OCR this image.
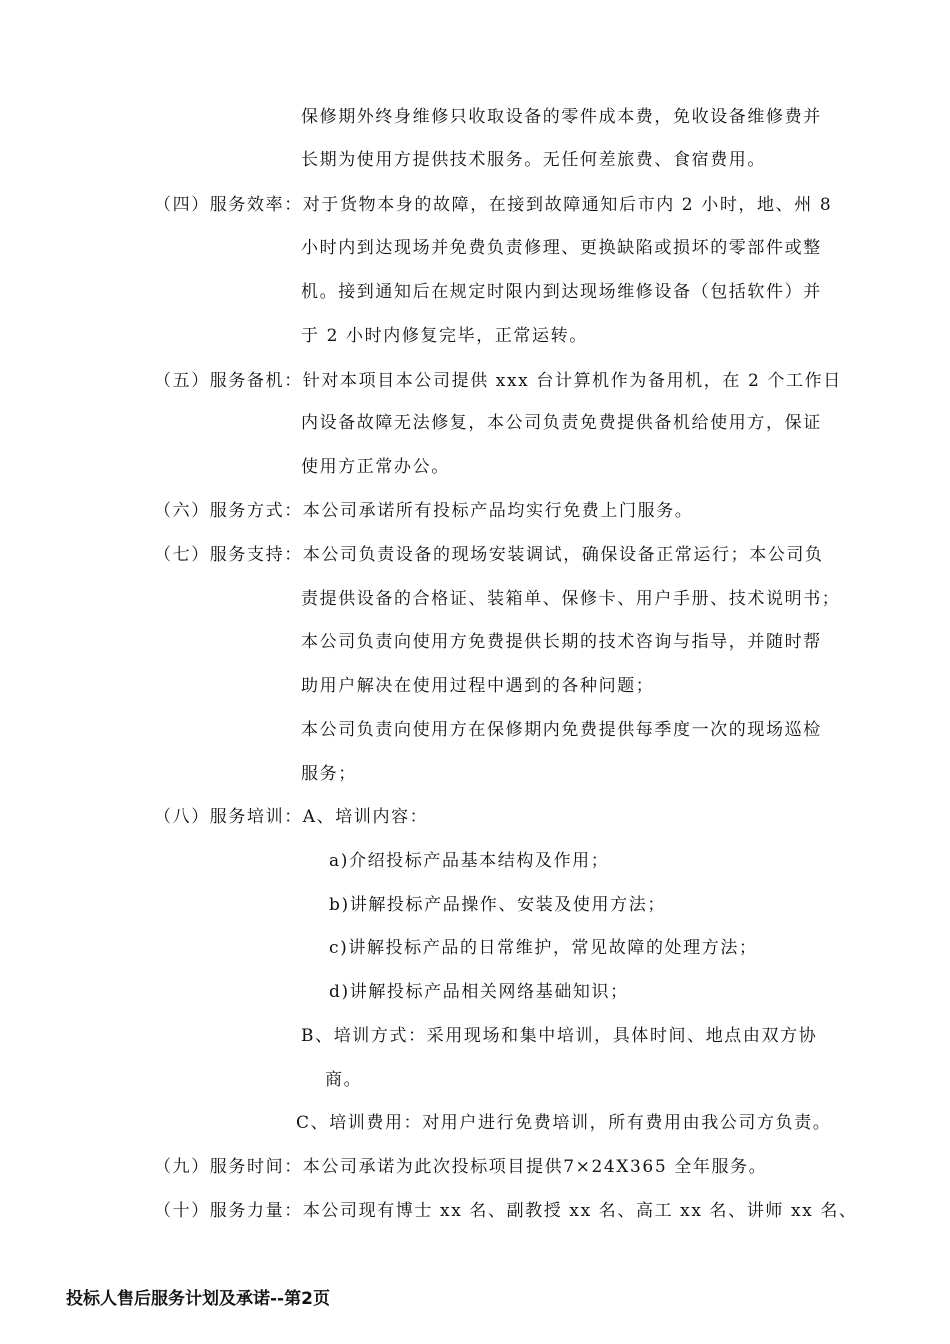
保修期外终身维修只收取设备的零件成本费，免收设备维修费并
长期为使用方提供技术服务。无任何差旅费、食宿费用。
（四）服务效率：对于货物本身的故障，在接到故障通知后市内 2 小时，地、州 8
小时内到达现场并免费负责修理、更换缺陷或损坏的零部件或整
机。接到通知后在规定时限内到达现场维修设备（包括软件）并
于 2 小时内修复完毕，正常运转。
（五）服务备机：针对本项目本公司提供 xxx 台计算机作为备用机，在 2 个工作日
内设备故障无法修复，本公司负责免费提供备机给使用方，保证
使用方正常办公。
（六）服务方式：本公司承诺所有投标产品均实行免费上门服务。
（七）服务支持：本公司负责设备的现场安装调试，确保设备正常运行；本公司负
责提供设备的合格证、装箱单、保修卡、用户手册、技术说明书；
本公司负责向使用方免费提供长期的技术咨询与指导，并随时帮
助用户解决在使用过程中遇到的各种问题；
本公司负责向使用方在保修期内免费提供每季度一次的现场巡检
服务；
（八）服务培训：A、培训内容：
a)介绍投标产品基本结构及作用；
b)讲解投标产品操作、安装及使用方法；
c)讲解投标产品的日常维护，常见故障的处理方法；
d)讲解投标产品相关网络基础知识；
B、培训方式：采用现场和集中培训，具体时间、地点由双方协
商。
C、培训费用：对用户进行免费培训，所有费用由我公司方负责。
（九）服务时间：本公司承诺为此次投标项目提供7×24X365 全年服务。
（十）服务力量：本公司现有博士 xx 名、副教授 xx 名、高工 xx 名、讲师 xx 名、
投标人售后服务计划及承诺--第2页
